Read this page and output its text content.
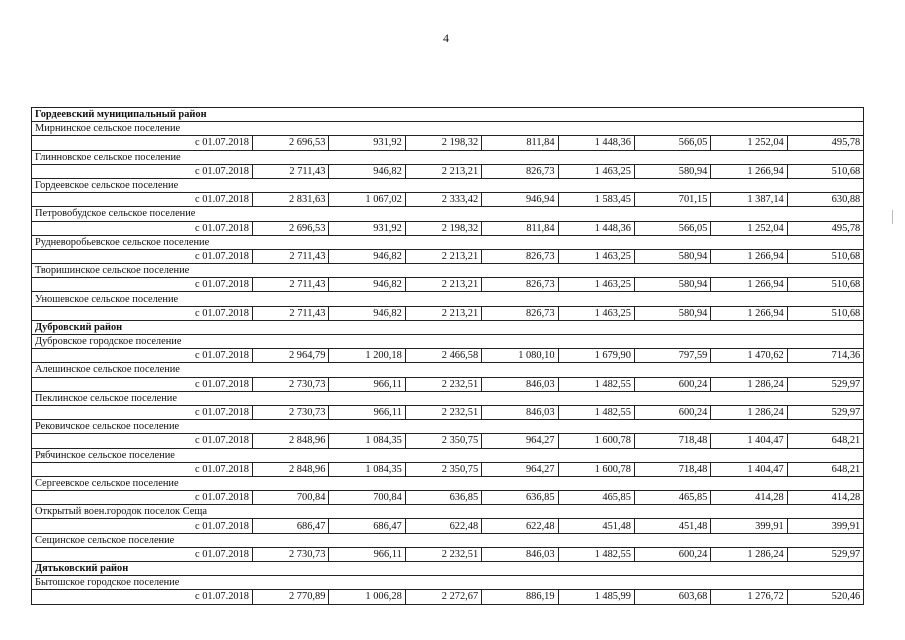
4
Гордеевский муниципальный район								
Мирнинское сельское поселение								
с 01.07.2018	2 696,53	931,92	2 198,32	811,84	1 448,36	566,05	1 252,04	495,78
Глинновское сельское поселение								
с 01.07.2018	2 711,43	946,82	2 213,21	826,73	1 463,25	580,94	1 266,94	510,68
Гордеевское сельское поселение								
с 01.07.2018	2 831,63	1 067,02	2 333,42	946,94	1 583,45	701,15	1 387,14	630,88
Петровобудское сельское поселение								
с 01.07.2018	2 696,53	931,92	2 198,32	811,84	1 448,36	566,05	1 252,04	495,78
Рудневоробьевское сельское поселение								
с 01.07.2018	2 711,43	946,82	2 213,21	826,73	1 463,25	580,94	1 266,94	510,68
Творишинское сельское поселение								
с 01.07.2018	2 711,43	946,82	2 213,21	826,73	1 463,25	580,94	1 266,94	510,68
Уношевское сельское поселение								
с 01.07.2018	2 711,43	946,82	2 213,21	826,73	1 463,25	580,94	1 266,94	510,68
Дубровский район								
Дубровское городское поселение								
с 01.07.2018	2 964,79	1 200,18	2 466,58	1 080,10	1 679,90	797,59	1 470,62	714,36
Алешинское сельское поселение								
с 01.07.2018	2 730,73	966,11	2 232,51	846,03	1 482,55	600,24	1 286,24	529,97
Пеклинское сельское поселение								
с 01.07.2018	2 730,73	966,11	2 232,51	846,03	1 482,55	600,24	1 286,24	529,97
Рековичское сельское поселение								
с 01.07.2018	2 848,96	1 084,35	2 350,75	964,27	1 600,78	718,48	1 404,47	648,21
Рябчинское сельское поселение								
с 01.07.2018	2 848,96	1 084,35	2 350,75	964,27	1 600,78	718,48	1 404,47	648,21
Сергеевское сельское поселение								
с 01.07.2018	700,84	700,84	636,85	636,85	465,85	465,85	414,28	414,28
Открытый воен.городок поселок Сеща								
с 01.07.2018	686,47	686,47	622,48	622,48	451,48	451,48	399,91	399,91
Сещинское сельское поселение								
с 01.07.2018	2 730,73	966,11	2 232,51	846,03	1 482,55	600,24	1 286,24	529,97
Дятьковский район								
Бытошское городское поселение								
с 01.07.2018	2 770,89	1 006,28	2 272,67	886,19	1 485,99	603,68	1 276,72	520,46
